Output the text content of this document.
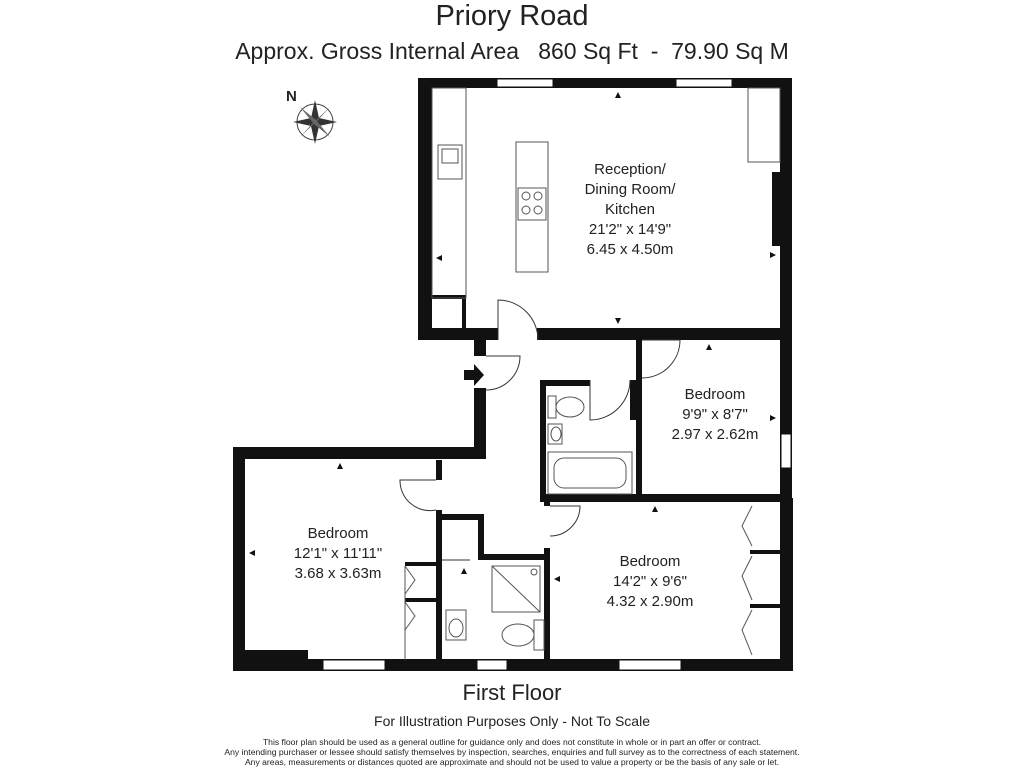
Priory Road
Approx. Gross Internal Area   860 Sq Ft  -  79.90 Sq M
N
Reception/
Dining Room/
Kitchen
21'2" x 14'9"
6.45 x 4.50m
Bedroom
9'9" x 8'7"
2.97 x 2.62m
Bedroom
12'1" x 11'11"
3.68 x 3.63m
Bedroom
14'2" x 9'6"
4.32 x 2.90m
First Floor
For Illustration Purposes Only - Not To Scale
This floor plan should be used as a general outline for guidance only and does not constitute in whole or in part an offer or contract.
Any intending purchaser or lessee should satisfy themselves by inspection, searches, enquiries and full survey as to the correctness of each statement.
Any areas, measurements or distances quoted are approximate and should not be used to value a property or be the basis of any sale or let.
